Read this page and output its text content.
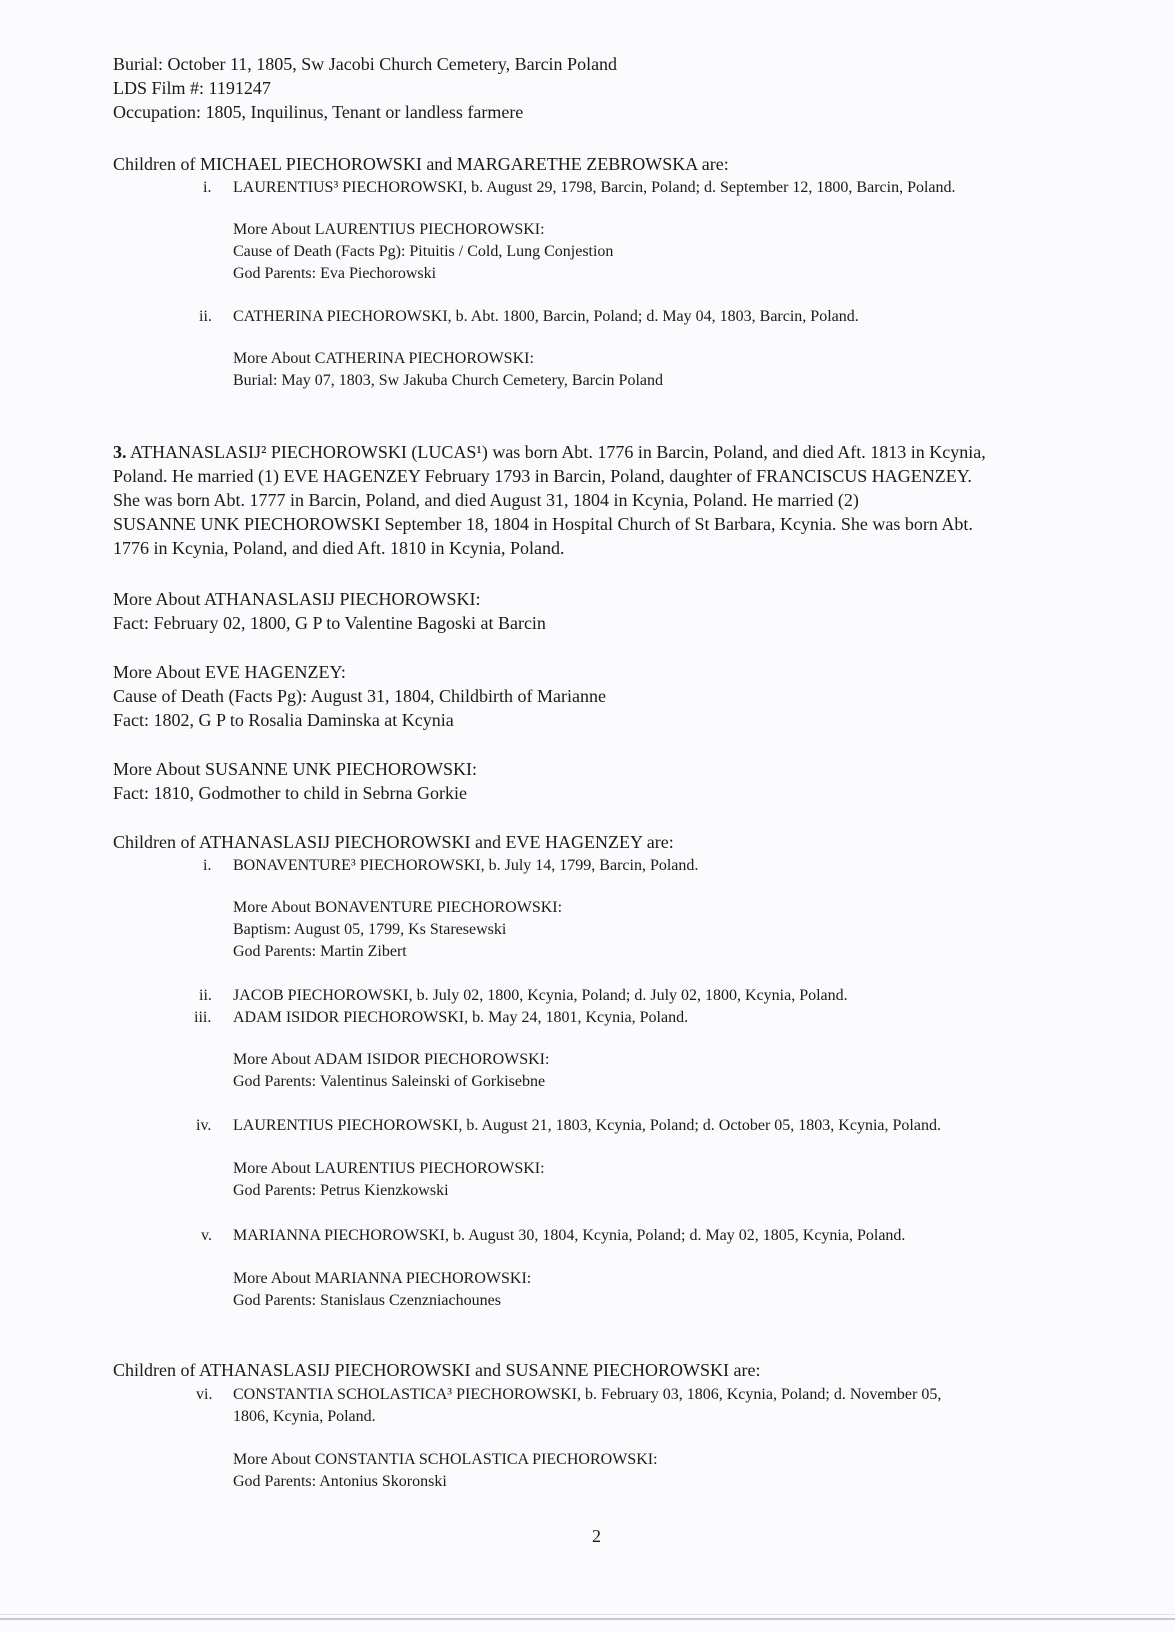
Burial: October 11, 1805, Sw Jacobi Church Cemetery, Barcin Poland
LDS Film #: 1191247
Occupation: 1805, Inquilinus, Tenant or landless farmere
Children of MICHAEL PIECHOROWSKI and MARGARETHE ZEBROWSKA are:
i. LAURENTIUS³ PIECHOROWSKI, b. August 29, 1798, Barcin, Poland; d. September 12, 1800, Barcin, Poland.
More About LAURENTIUS PIECHOROWSKI:
Cause of Death (Facts Pg): Pituitis / Cold, Lung Conjestion
God Parents: Eva Piechorowski
ii. CATHERINA PIECHOROWSKI, b. Abt. 1800, Barcin, Poland; d. May 04, 1803, Barcin, Poland.
More About CATHERINA PIECHOROWSKI:
Burial: May 07, 1803, Sw Jakuba Church Cemetery, Barcin Poland
3. ATHANASLASIJ² PIECHOROWSKI (LUCAS¹) was born Abt. 1776 in Barcin, Poland, and died Aft. 1813 in Kcynia,
Poland. He married (1) EVE HAGENZEY February 1793 in Barcin, Poland, daughter of FRANCISCUS HAGENZEY.
She was born Abt. 1777 in Barcin, Poland, and died August 31, 1804 in Kcynia, Poland. He married (2)
SUSANNE UNK PIECHOROWSKI September 18, 1804 in Hospital Church of St Barbara, Kcynia. She was born Abt.
1776 in Kcynia, Poland, and died Aft. 1810 in Kcynia, Poland.
More About ATHANASLASIJ PIECHOROWSKI:
Fact: February 02, 1800, G P to Valentine Bagoski at Barcin
More About EVE HAGENZEY:
Cause of Death (Facts Pg): August 31, 1804, Childbirth of Marianne
Fact: 1802, G P to Rosalia Daminska at Kcynia
More About SUSANNE UNK PIECHOROWSKI:
Fact: 1810, Godmother to child in Sebrna Gorkie
Children of ATHANASLASIJ PIECHOROWSKI and EVE HAGENZEY are:
i. BONAVENTURE³ PIECHOROWSKI, b. July 14, 1799, Barcin, Poland.
More About BONAVENTURE PIECHOROWSKI:
Baptism: August 05, 1799, Ks Staresewski
God Parents: Martin Zibert
ii. JACOB PIECHOROWSKI, b. July 02, 1800, Kcynia, Poland; d. July 02, 1800, Kcynia, Poland.
iii. ADAM ISIDOR PIECHOROWSKI, b. May 24, 1801, Kcynia, Poland.
More About ADAM ISIDOR PIECHOROWSKI:
God Parents: Valentinus Saleinski of Gorkisebne
iv. LAURENTIUS PIECHOROWSKI, b. August 21, 1803, Kcynia, Poland; d. October 05, 1803, Kcynia, Poland.
More About LAURENTIUS PIECHOROWSKI:
God Parents: Petrus Kienzkowski
v. MARIANNA PIECHOROWSKI, b. August 30, 1804, Kcynia, Poland; d. May 02, 1805, Kcynia, Poland.
More About MARIANNA PIECHOROWSKI:
God Parents: Stanislaus Czenzniachounes
Children of ATHANASLASIJ PIECHOROWSKI and SUSANNE PIECHOROWSKI are:
vi. CONSTANTIA SCHOLASTICA³ PIECHOROWSKI, b. February 03, 1806, Kcynia, Poland; d. November 05,
1806, Kcynia, Poland.
More About CONSTANTIA SCHOLASTICA PIECHOROWSKI:
God Parents: Antonius Skoronski
2
